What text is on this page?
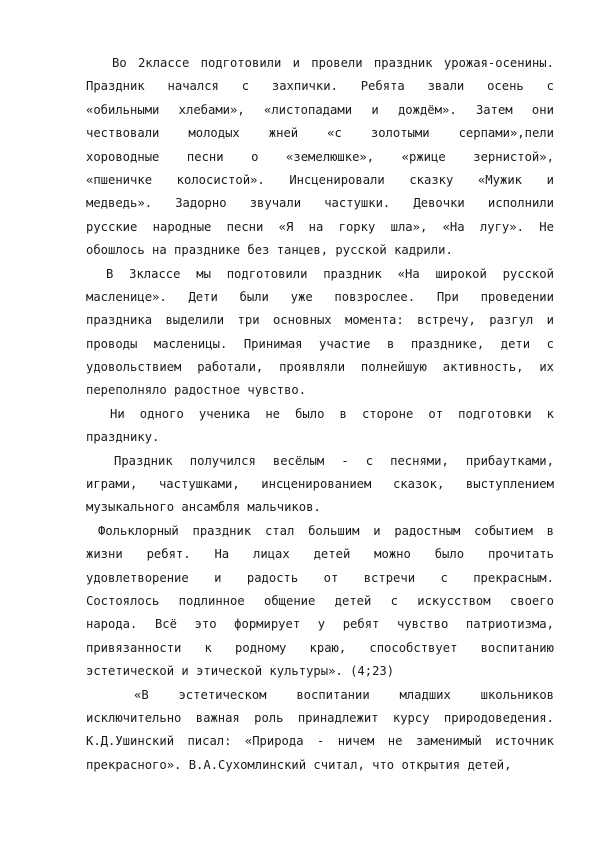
Во 2классе подготовили и провели праздник урожая-осенины.
Праздник начался с захпички. Ребята звали осень с
«обильными хлебами», «листопадами и дождём». Затем они
чествовали молодых жней «с золотыми серпами»,пели
хороводные песни о «земелюшке», «ржице зернистой»,
«пшеничке колосистой». Инсценировали сказку «Мужик и
медведь». Задорно звучали частушки. Девочки исполнили
русские народные песни «Я на горку шла», «На лугу». Не
обошлось на празднике без танцев, русской кадрили.
В 3классе мы подготовили праздник «На широкой русской
масленице». Дети были уже повзрослее. При проведении
праздника выделили три основных момента: встречу, разгул и
проводы масленицы. Принимая участие в празднике, дети с
удовольствием работали, проявляли полнейшую активность, их
переполняло радостное чувство.
Ни одного ученика не было в стороне от подготовки к
празднику.
Праздник получился весёлым - с песнями, прибаутками,
играми, частушками, инсценированием сказок, выступлением
музыкального ансамбля мальчиков.
Фольклорный праздник стал большим и радостным событием в
жизни ребят. На лицах детей можно было прочитать
удовлетворение и радость от встречи с прекрасным.
Состоялось подлинное общение детей с искусством своего
народа. Всё это формирует у ребят чувство патриотизма,
привязанности к родному краю, способствует воспитанию
эстетической и этической культуры». (4;23)
«В эстетическом воспитании младших школьников
исключительно важная роль принадлежит курсу природоведения.
К.Д.Ушинский писал: «Природа - ничем не заменимый источник
прекрасного». В.А.Сухомлинский считал, что открытия детей,
